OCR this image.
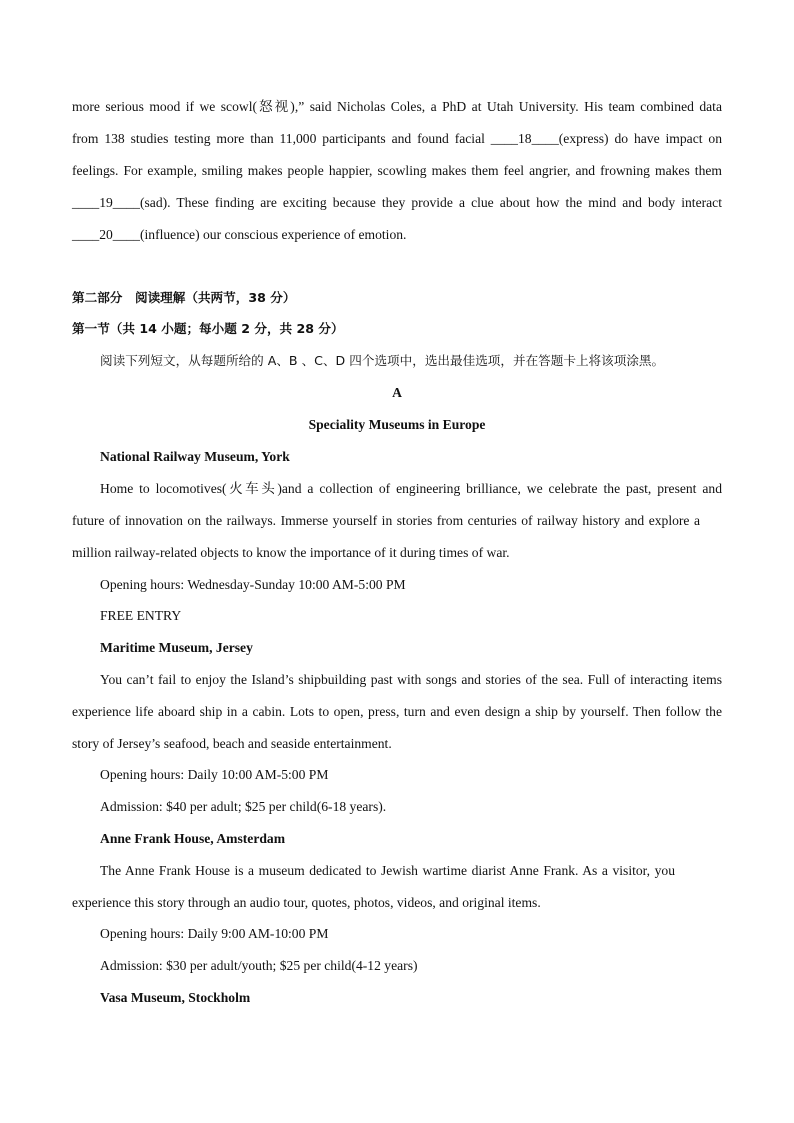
more serious mood if we scowl(怒视),” said Nicholas Coles, a PhD at Utah University. His team combined data
from 138 studies testing more than 11,000 participants and found facial ____18____(express) do have impact on
feelings. For example, smiling makes people happier, scowling makes them feel angrier, and frowning makes them
____19____(sad). These finding are exciting because they provide a clue about how the mind and body interact
____20____(influence) our conscious experience of emotion.
第二部分　阅读理解（共两节，38 分）
第一节（共 14 小题；每小题 2 分，共 28 分）
阅读下列短文，从每题所给的 A、B 、C、D 四个选项中，选出最佳选项，并在答题卡上将该项涂黑。
A
Speciality Museums in Europe
National Railway Museum, York
Home to locomotives(火车头)and a collection of engineering brilliance, we celebrate the past, present and
future of innovation on the railways. Immerse yourself in stories from centuries of railway history and explore a
million railway-related objects to know the importance of it during times of war.
Opening hours: Wednesday-Sunday 10:00 AM-5:00 PM
FREE ENTRY
Maritime Museum, Jersey
You can’t fail to enjoy the Island’s shipbuilding past with songs and stories of the sea. Full of interacting items
experience life aboard ship in a cabin. Lots to open, press, turn and even design a ship by yourself. Then follow the
story of Jersey’s seafood, beach and seaside entertainment.
Opening hours: Daily 10:00 AM-5:00 PM
Admission: $40 per adult; $25 per child(6-18 years).
Anne Frank House, Amsterdam
The Anne Frank House is a museum dedicated to Jewish wartime diarist Anne Frank. As a visitor, you
experience this story through an audio tour, quotes, photos, videos, and original items.
Opening hours: Daily 9:00 AM-10:00 PM
Admission: $30 per adult/youth; $25 per child(4-12 years)
Vasa Museum, Stockholm
